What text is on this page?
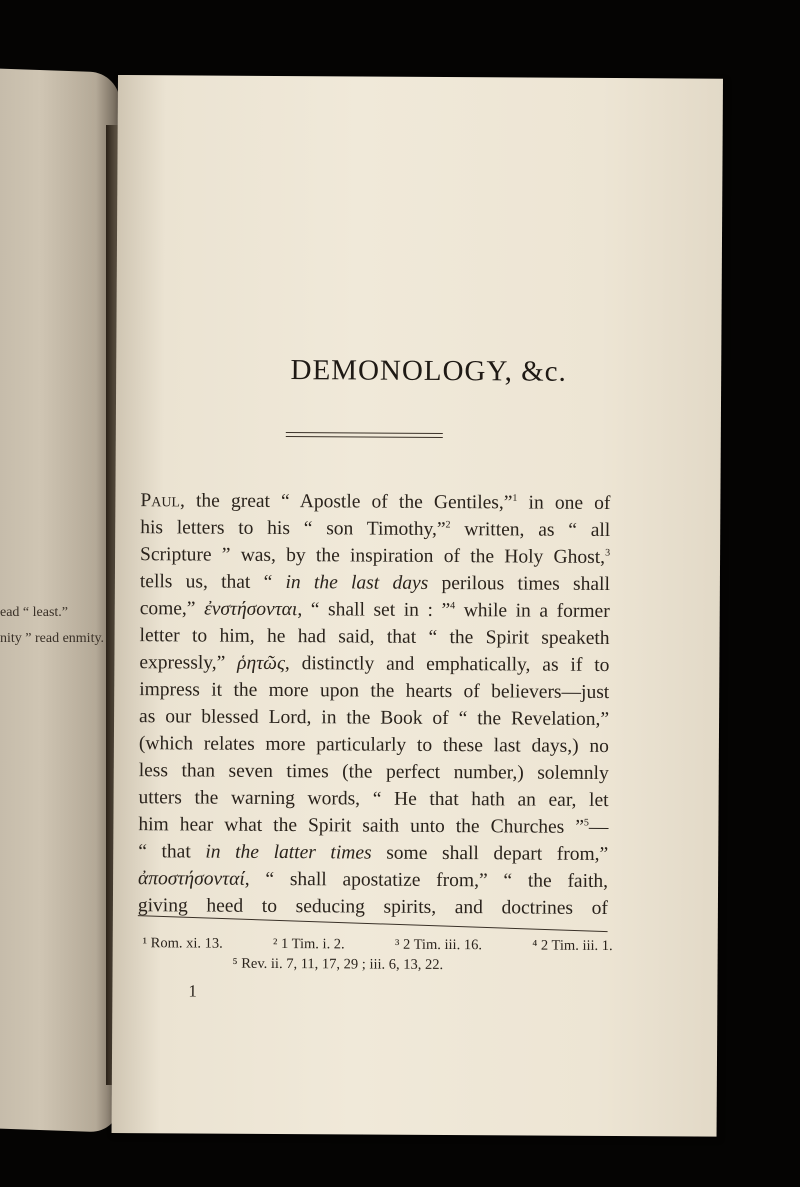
ead “ least.”
nity ” read enmity.
DEMONOLOGY, &c.
Paul, the great “ Apostle of the Gentiles,”$^1$ in one of
his letters to his “ son Timothy,”$^2$ written, as “ all
Scripture ” was, by the inspiration of the Holy Ghost,$^3$
tells us, that “ in the last days perilous times shall
come,” ἐνστήσονται, “ shall set in : ”$^4$ while in a former
letter to him, he had said, that “ the Spirit speaketh
expressly,” ῥητῶς, distinctly and emphatically, as if to
impress it the more upon the hearts of believers—just
as our blessed Lord, in the Book of “ the Revelation,”
(which relates more particularly to these last days,) no
less than seven times (the perfect number,) solemnly
utters the warning words, “ He that hath an ear, let
him hear what the Spirit saith unto the Churches ”$^5$—
“ that in the latter times some shall depart from,”
ἀποστήσονταί, “ shall apostatize from,” “ the faith,
giving heed to seducing spirits, and doctrines of
¹ Rom. xi. 13.	² 1 Tim. i. 2.	³ 2 Tim. iii. 16.	⁴ 2 Tim. iii. 1.
⁵ Rev. ii. 7, 11, 17, 29 ; iii. 6, 13, 22.
1
